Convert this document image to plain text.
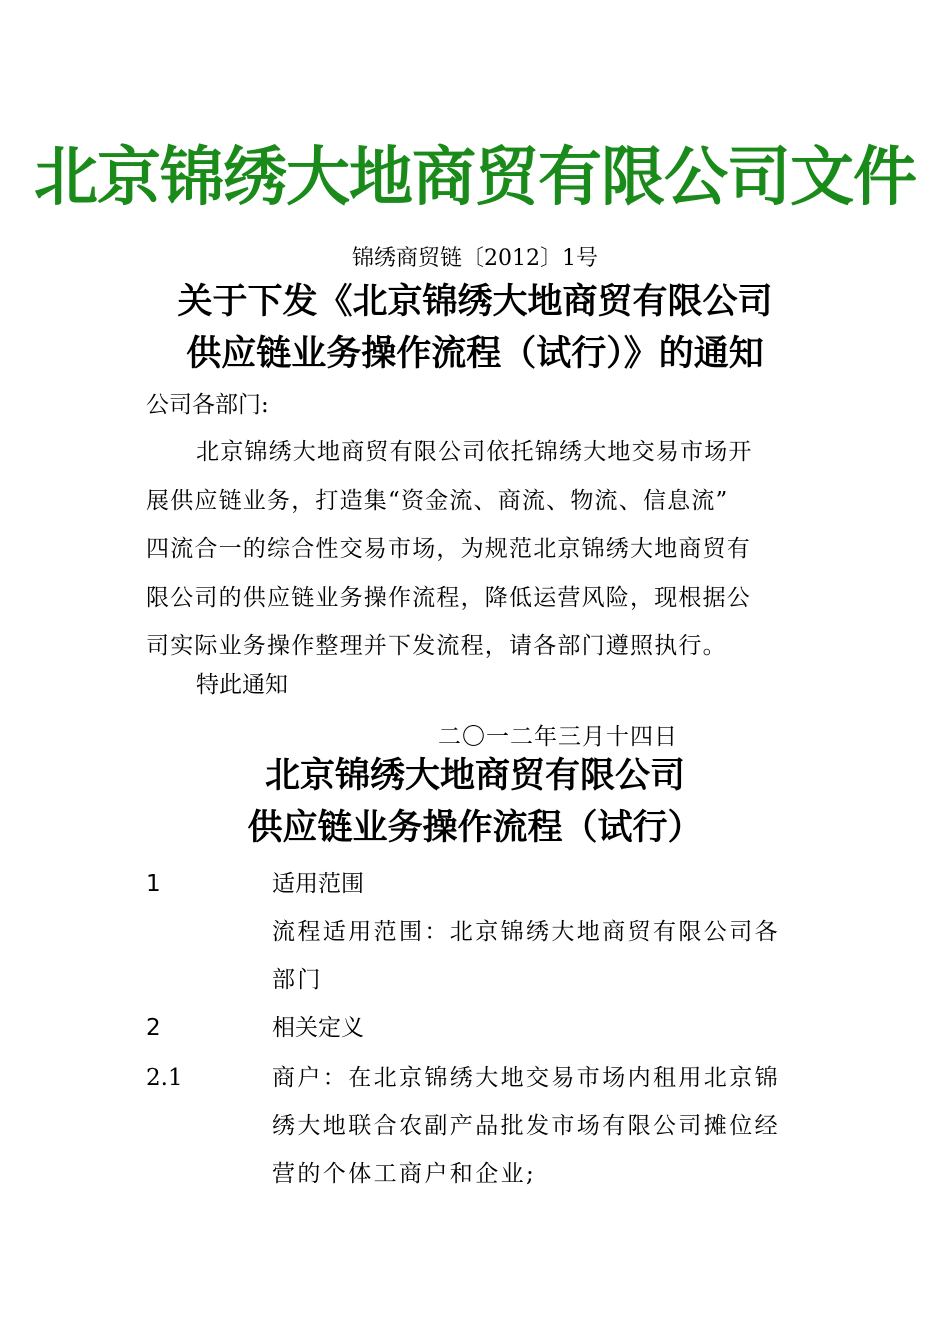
北京锦绣大地商贸有限公司文件
锦绣商贸链〔2012〕1号
关于下发《北京锦绣大地商贸有限公司
供应链业务操作流程（试行）》的通知
公司各部门:
北京锦绣大地商贸有限公司依托锦绣大地交易市场开
展供应链业务，打造集“资金流、商流、物流、信息流”
四流合一的综合性交易市场，为规范北京锦绣大地商贸有
限公司的供应链业务操作流程，降低运营风险，现根据公
司实际业务操作整理并下发流程，请各部门遵照执行。
特此通知
二〇一二年三月十四日
北京锦绣大地商贸有限公司
供应链业务操作流程（试行）
1	适用范围
流程适用范围：北京锦绣大地商贸有限公司各
部门
2	相关定义
2.1	商户：在北京锦绣大地交易市场内租用北京锦
绣大地联合农副产品批发市场有限公司摊位经
营的个体工商户和企业;
